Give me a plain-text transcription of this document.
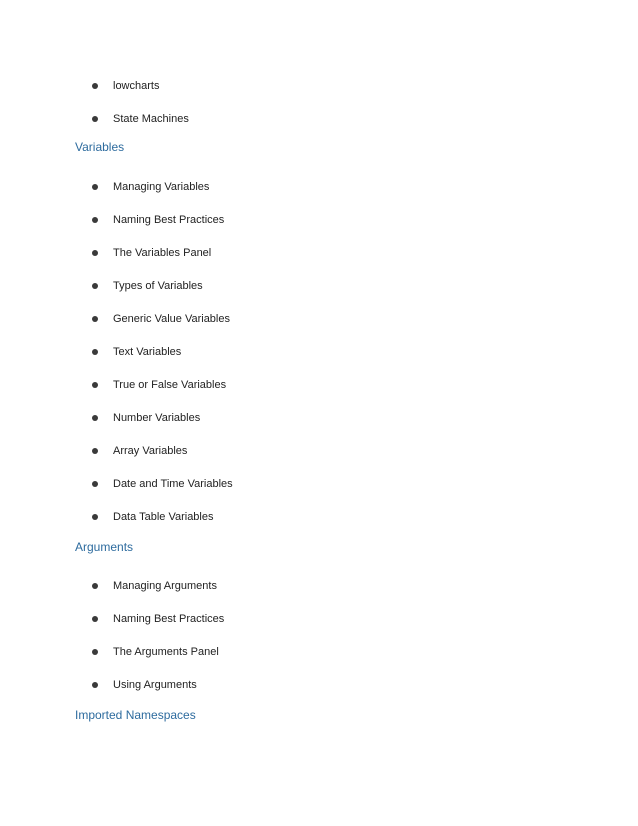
lowcharts
State Machines
Variables
Managing Variables
Naming Best Practices
The Variables Panel
Types of Variables
Generic Value Variables
Text Variables
True or False Variables
Number Variables
Array Variables
Date and Time Variables
Data Table Variables
Arguments
Managing Arguments
Naming Best Practices
The Arguments Panel
Using Arguments
Imported Namespaces
